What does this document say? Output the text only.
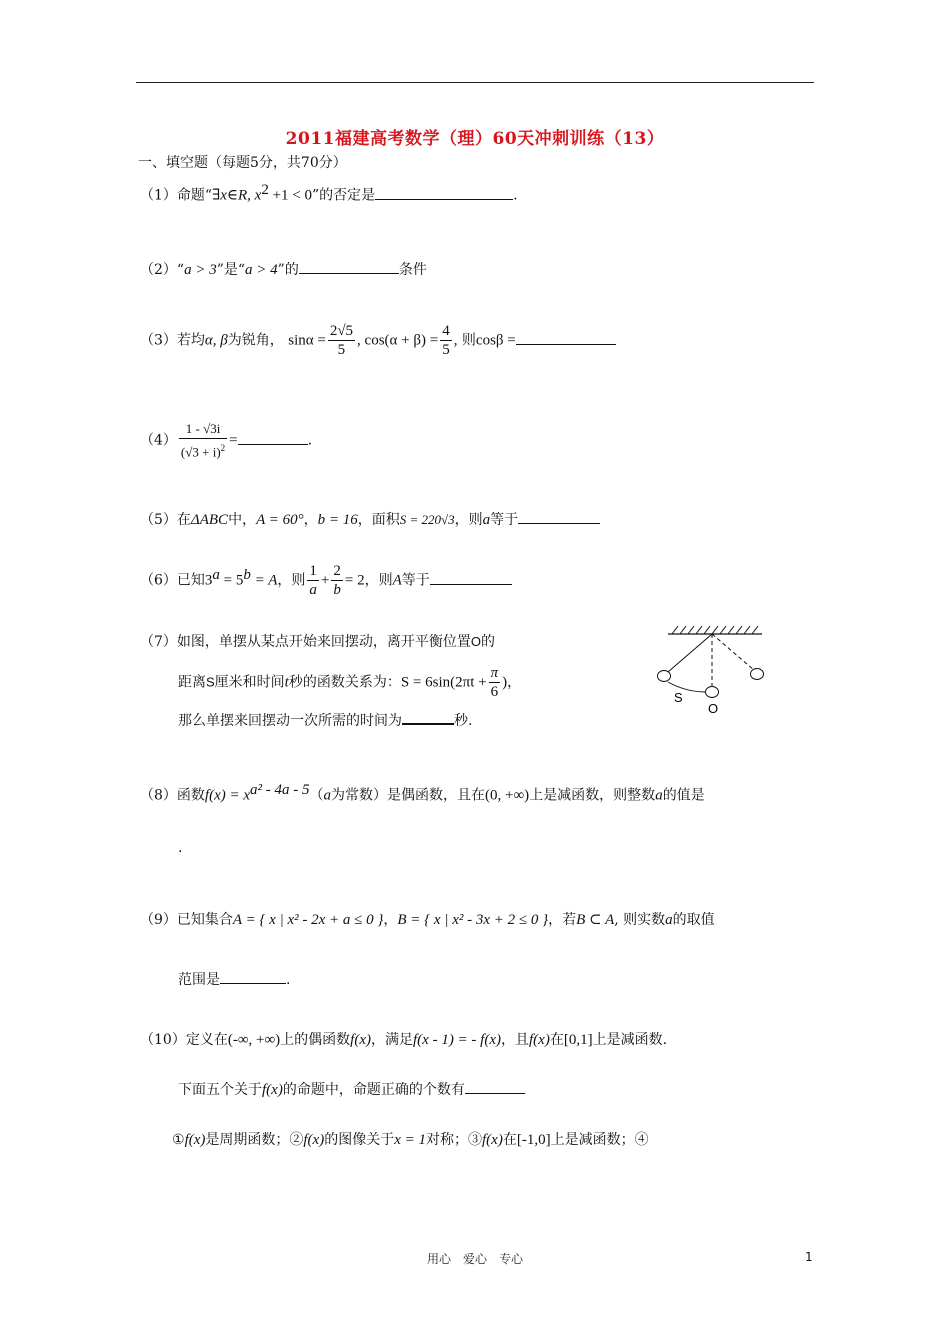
2011福建高考数学（理）60天冲刺训练（13）
一、填空题（每题5分，共70分）
（1）命题“∃x∈R, $x^2 +1 < 0$”的否定是	.
（2）“a > 3”是“a > 4”的	条件
（3）若均α, β为锐角， $\sin\alpha = \frac{2√5}{5}$ , $\cos(\alpha + \beta) = \frac{4}{5}$ , 则cosβ =
$(4) \frac{1 - √3i}{(√3 + i)^2}$ =	.
（5）在ΔABC中，A = 60°，b = 16，面积S = 220√3，则a等于
（6）已知$3^a = 5^b = A$，则 $\frac{1}{a} + \frac{2}{b} = 2$，则A等于
（7）如图，单摆从某点开始来回摆动，离开平衡位置O的
距离S厘米和时间t秒的函数关系为：$S = 6\sin(2\pi t + \frac{\pi}{6}$ )，
那么单摆来回摆动一次所需的时间为	秒.
S
O
（8）函数$f(x) = x^{a^2 - 4a - 5}(a$为常数）是偶函数，且在(0, +∞)上是减函数，则整数a的值是
.
（9）已知集合A = { x | x² - 2x + a ≤ 0 }，B = { x | x² - 3x + 2 ≤ 0 }，若B ⊂ A, 则实数a的取值
范围是	.
（10）定义在(-∞, +∞)上的偶函数f(x)，满足f(x - 1) = - f(x)，且f(x)在[0,1]上是减函数.
下面五个关于f(x)的命题中，命题正确的个数有
①f(x)是周期函数；②f(x)的图像关于x = 1对称；③f(x)在[-1,0]上是减函数；④
用心　爱心　专心	1
